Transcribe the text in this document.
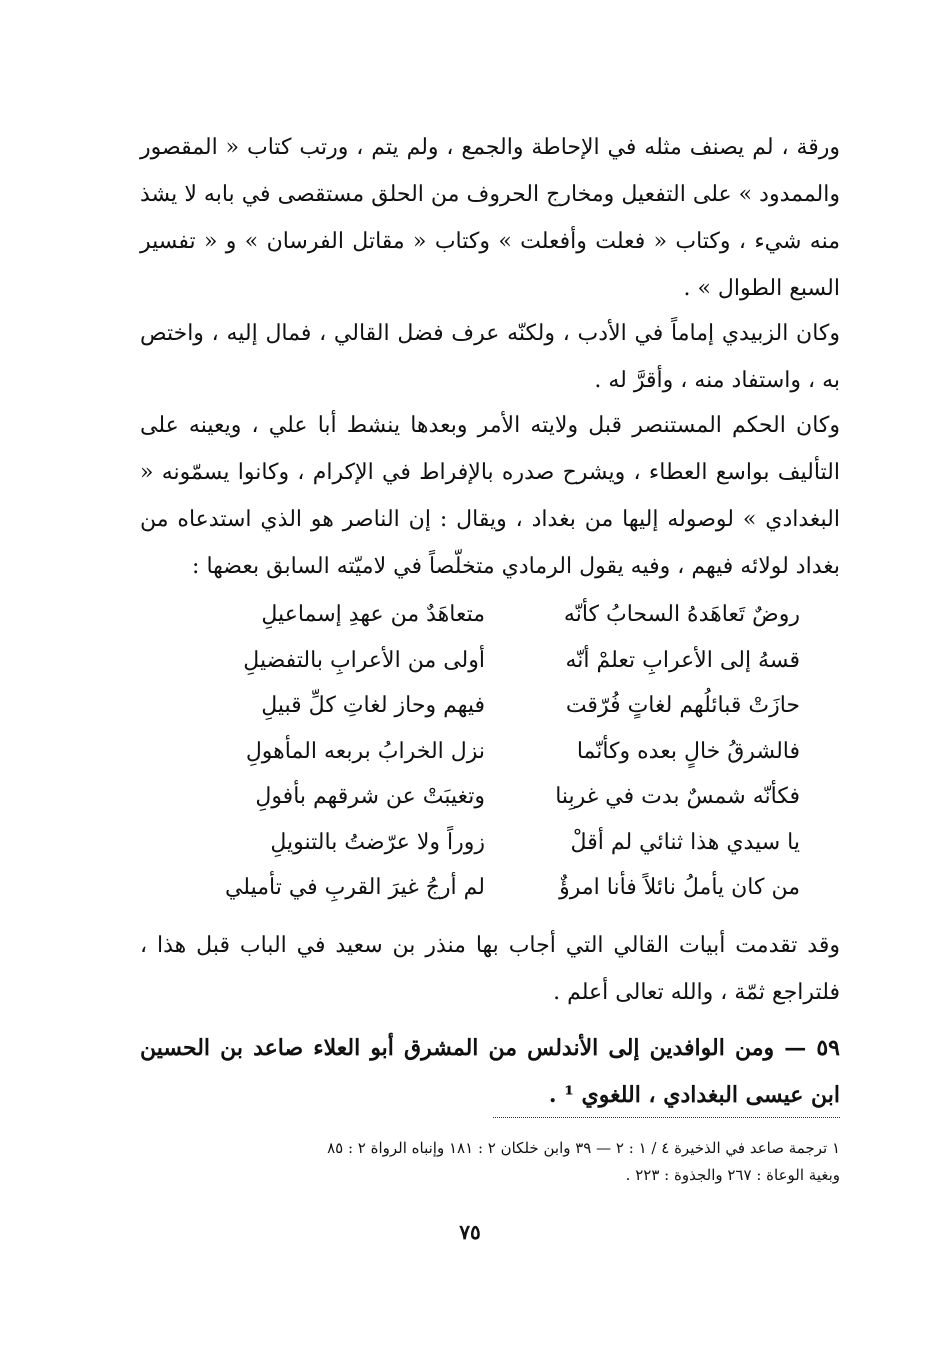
ورقة ، لم يصنف مثله في الإحاطة والجمع ، ولم يتم ، ورتب كتاب « المقصور والممدود » على التفعيل ومخارج الحروف من الحلق مستقصى في بابه لا يشذ منه شيء ، وكتاب « فعلت وأفعلت » وكتاب « مقاتل الفرسان » و « تفسير السبع الطوال » .

وكان الزبيدي إماماً في الأدب ، ولكنّه عرف فضل القالي ، فمال إليه ، واختص به ، واستفاد منه ، وأقرَّ له .

وكان الحكم المستنصر قبل ولايته الأمر وبعدها ينشط أبا علي ، ويعينه على التأليف بواسع العطاء ، ويشرح صدره بالإفراط في الإكرام ، وكانوا يسمّونه « البغدادي » لوصوله إليها من بغداد ، ويقال : إن الناصر هو الذي استدعاه من بغداد لولائه فيهم ، وفيه يقول الرمادي متخلّصاً في لاميّته السابق بعضها :

روضٌ تَعاهَدهُ السحابُ كأنّه
متعاهَدٌ من عهدِ إسماعيلِ
قسهُ إلى الأعرابِ تعلمْ أنّه
أولى من الأعرابِ بالتفضيلِ
حازَتْ قبائلُهم لغاتٍ فُرّقت
فيهم وحاز لغاتِ كلِّ قبيلِ
فالشرقُ خالٍ بعده وكأنّما
نزل الخرابُ بربعه المأهولِ
فكأنّه شمسٌ بدت في غربِنا
وتغيبَتْ عن شرقهم بأفولِ
يا سيدي هذا ثنائي لم أقلْ
زوراً ولا عرّضتُ بالتنويلِ
من كان يأملُ نائلاً فأنا امرؤٌ
لم أرجُ غيرَ القربِ في تأميلي

وقد تقدمت أبيات القالي التي أجاب بها منذر بن سعيد في الباب قبل هذا ، فلتراجع ثمّة ، والله تعالى أعلم .

٥٩ — ومن الوافدين إلى الأندلس من المشرق أبو العلاء صاعد بن الحسين ابن عيسى البغدادي ، اللغوي ¹ .

١ ترجمة صاعد في الذخيرة ٤ / ١ : ٢ — ٣٩ وابن خلكان ٢ : ١٨١ وإنباه الرواة ٢ : ٨٥

وبغية الوعاة : ٢٦٧ والجذوة : ٢٢٣ .

٧٥
